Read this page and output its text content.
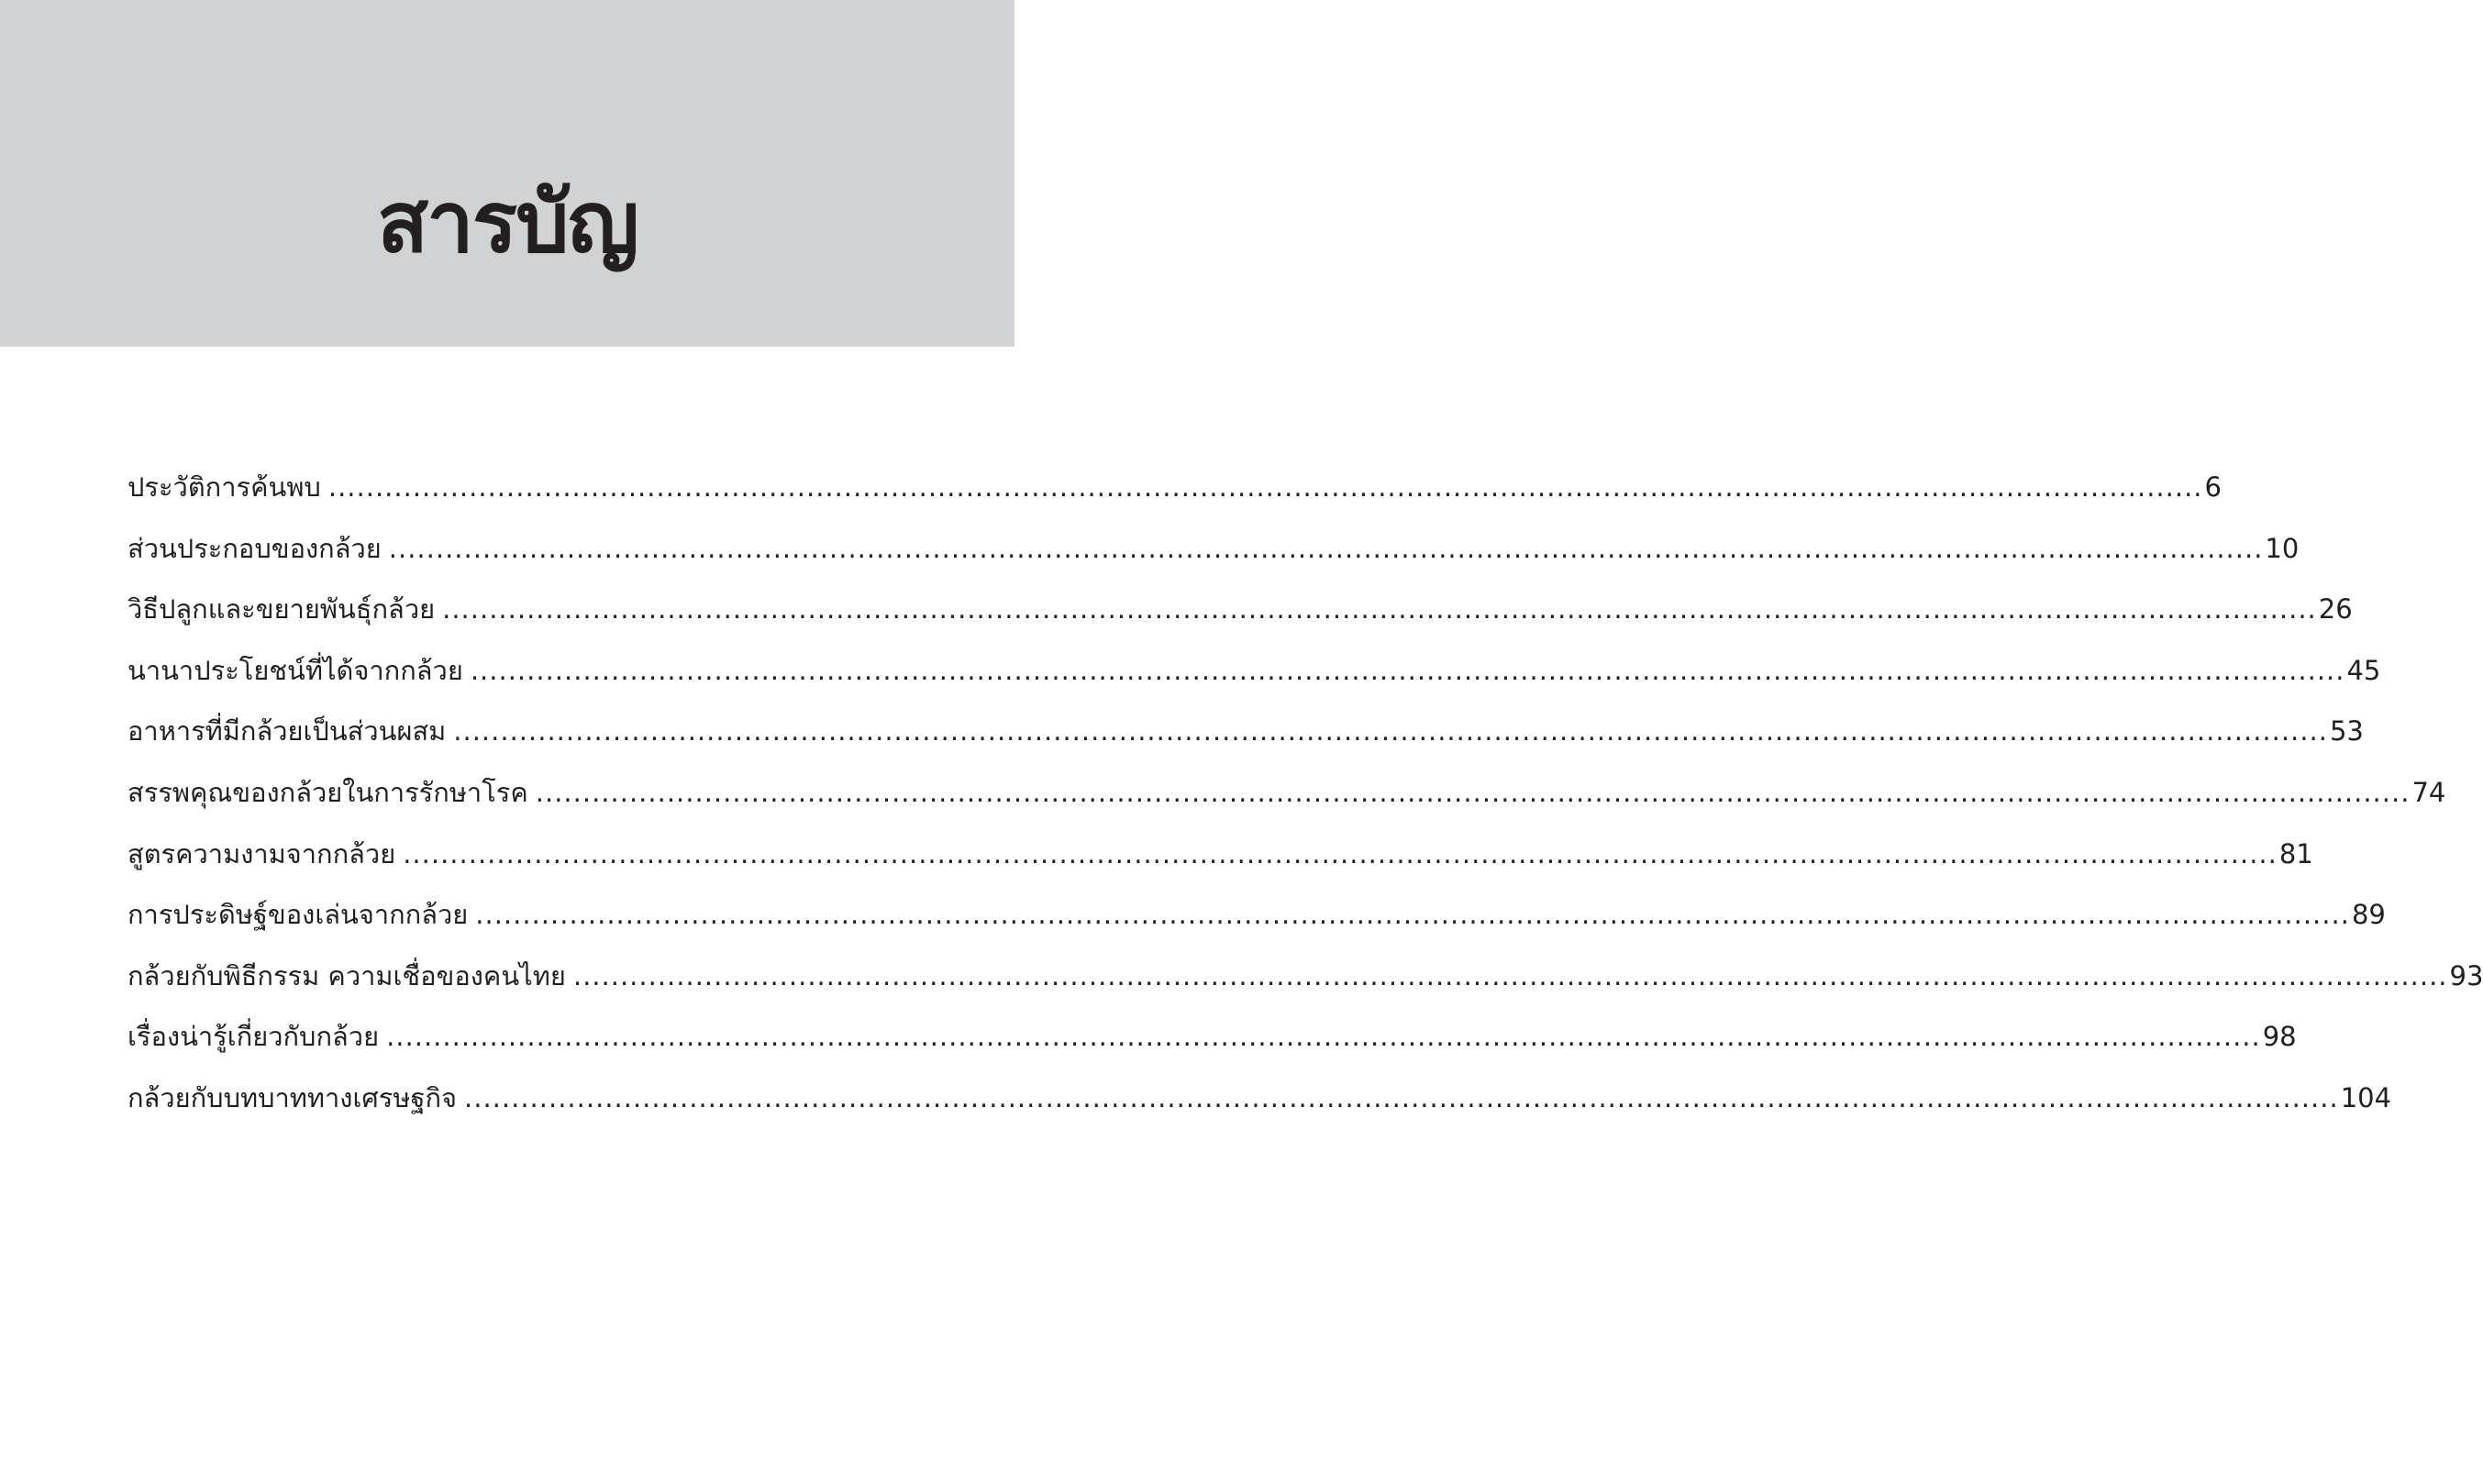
สารบัญ
ประวัติการค้นพบ ........................................................................................................................................................................................................ 6
ส่วนประกอบของกล้วย ........................................................................................................................................................................................................ 10
วิธีปลูกและขยายพันธุ์กล้วย ........................................................................................................................................................................................................ 26
นานาประโยชน์ที่ได้จากกล้วย ........................................................................................................................................................................................................ 45
อาหารที่มีกล้วยเป็นส่วนผสม ........................................................................................................................................................................................................ 53
สรรพคุณของกล้วยในการรักษาโรค ........................................................................................................................................................................................................ 74
สูตรความงามจากกล้วย ........................................................................................................................................................................................................ 81
การประดิษฐ์ของเล่นจากกล้วย ........................................................................................................................................................................................................ 89
กล้วยกับพิธีกรรม ความเชื่อของคนไทย ........................................................................................................................................................................................................ 93
เรื่องน่ารู้เกี่ยวกับกล้วย ........................................................................................................................................................................................................ 98
กล้วยกับบทบาททางเศรษฐกิจ ........................................................................................................................................................................................................ 104
